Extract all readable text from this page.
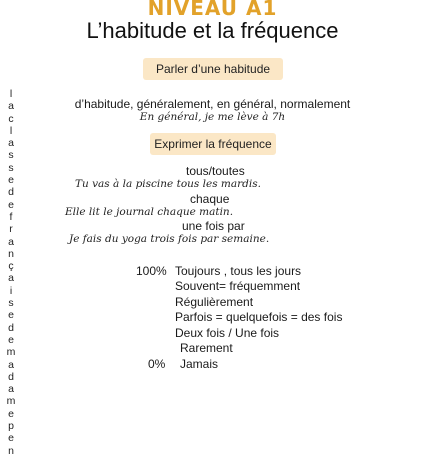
NIVEAU A1
L’habitude et la fréquence
Parler d’une habitude
d’habitude, généralement, en général, normalement
En général, je me lève à 7h
Exprimer la fréquence
tous/toutes
Tu vas à la piscine tous les mardis.
chaque
Elle lit le journal chaque matin.
une fois par
Je fais du yoga trois fois par semaine.
100% Toujours , tous les jours
Souvent= fréquemment
Régulièrement
Parfois = quelquefois = des fois
Deux fois / Une fois
Rarement
0% Jamais
l
a
c
l
a
s
s
e
d
e
f
r
a
n
ç
a
i
s
e
d
e
m
a
d
a
m
e
p
e
n
